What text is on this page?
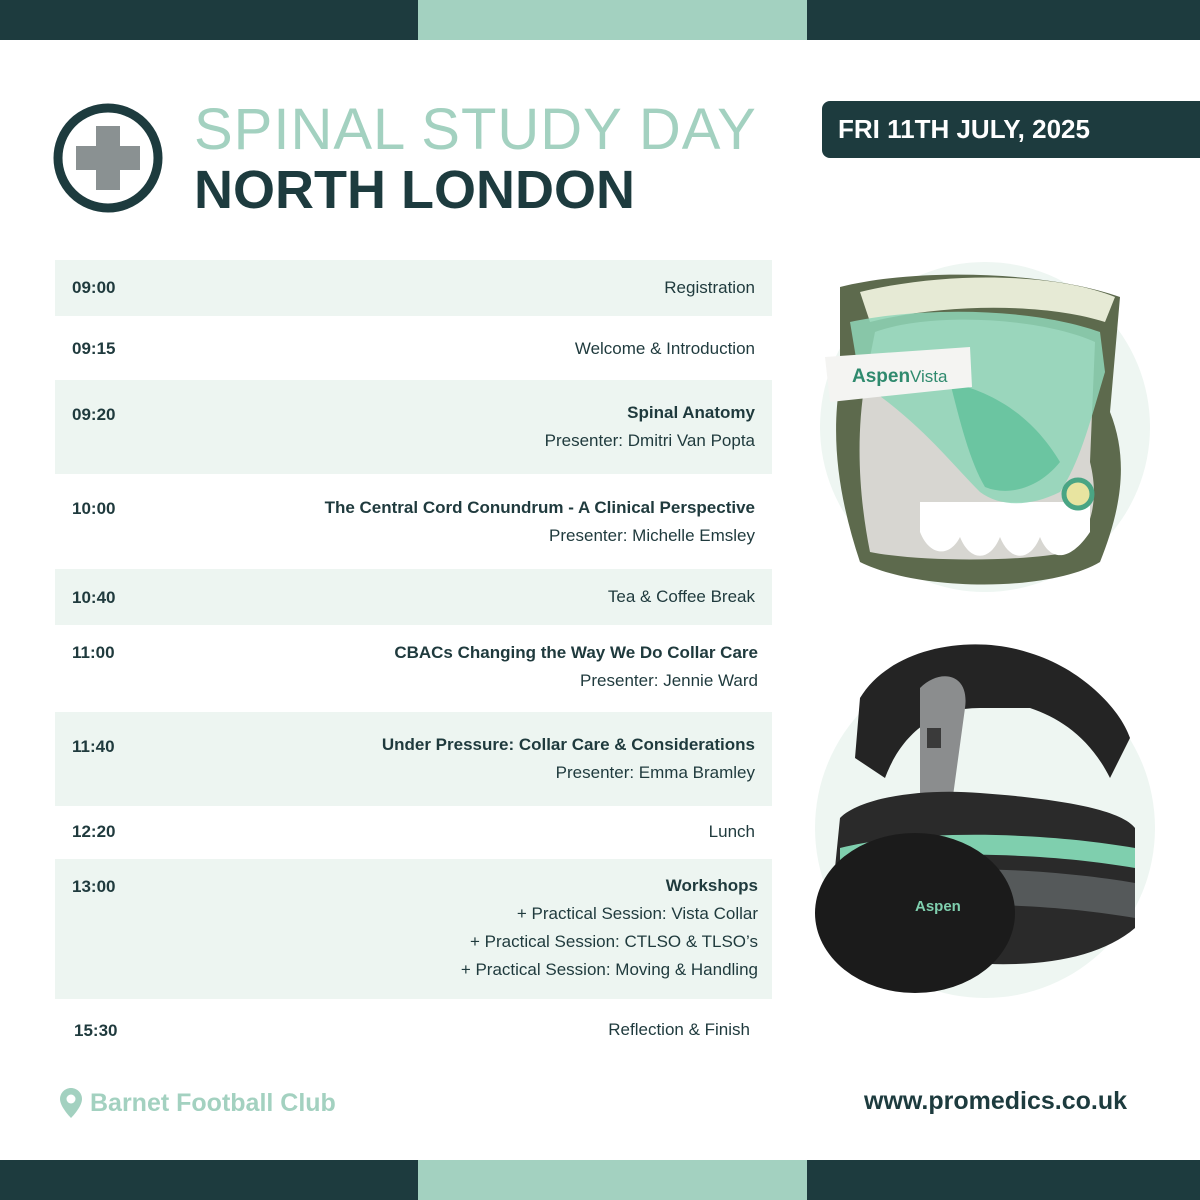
SPINAL STUDY DAY
NORTH LONDON
FRI 11TH JULY, 2025
09:00	Registration
09:15	Welcome & Introduction
09:20	Spinal Anatomy
Presenter: Dmitri Van Popta
10:00	The Central Cord Conundrum - A Clinical Perspective
Presenter: Michelle Emsley
10:40	Tea & Coffee Break
11:00	CBACs Changing the Way We Do Collar Care
Presenter: Jennie Ward
11:40	Under Pressure: Collar Care & Considerations
Presenter: Emma Bramley
12:20	Lunch
13:00	Workshops
+ Practical Session: Vista Collar
+ Practical Session: CTLSO & TLSO’s
+ Practical Session: Moving & Handling
15:30	Reflection & Finish
Aspen Vista
Aspen
Barnet Football Club	www.promedics.co.uk
